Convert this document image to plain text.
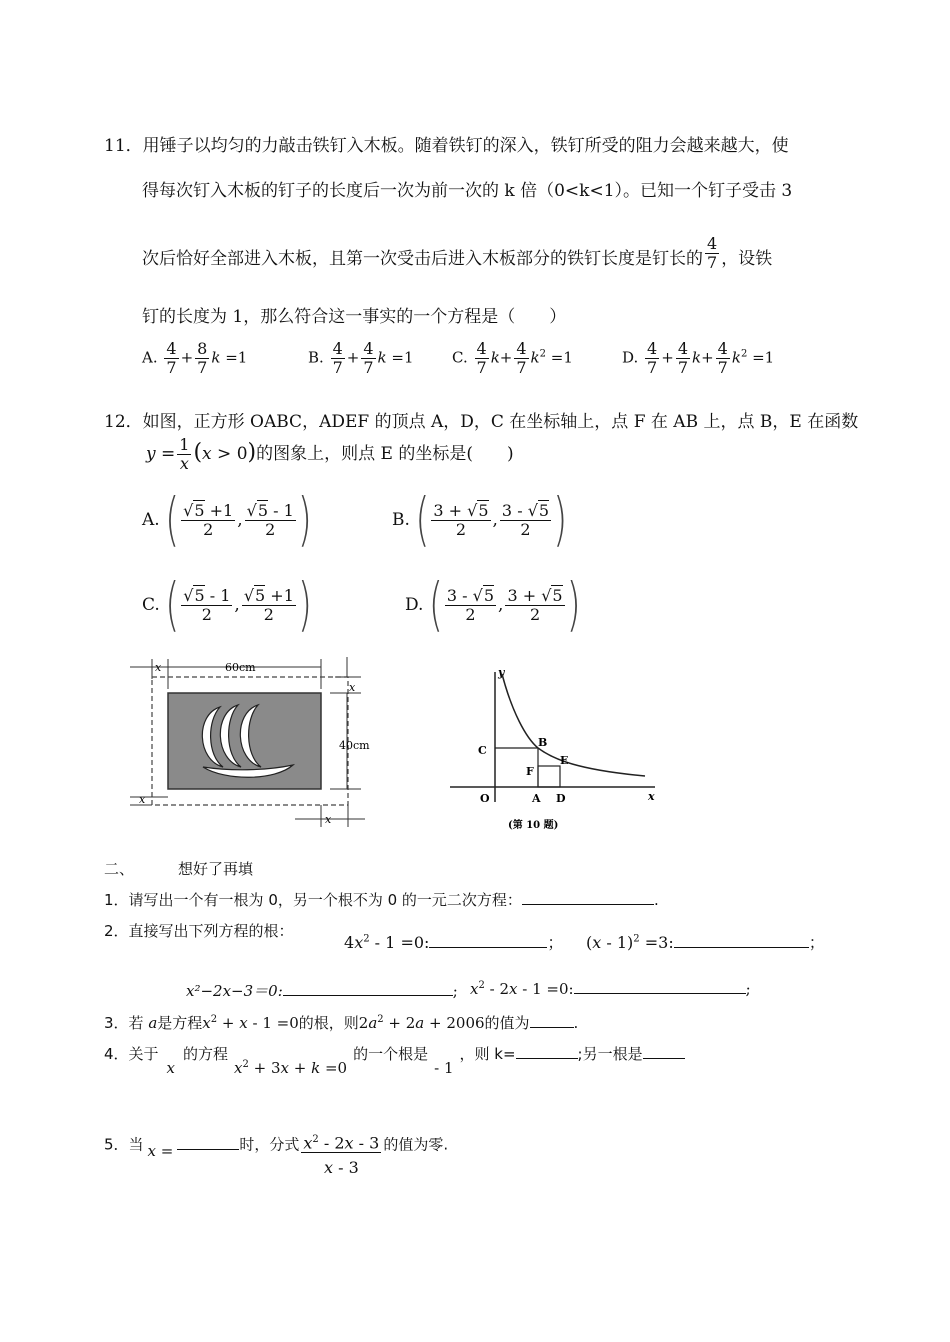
11．用锤子以均匀的力敲击铁钉入木板。随着铁钉的深入，铁钉所受的阻力会越来越大，使
得每次钉入木板的钉子的长度后一次为前一次的 k 倍（0<k<1）。已知一个钉子受击 3
次后恰好全部进入木板，且第一次受击后进入木板部分的铁钉长度是钉长的 $\frac{4}{7}$ ，设铁
钉的长度为 1，那么符合这一事实的一个方程是（　　）
A. $\frac{4}{7} + \frac{8}{7}$ k =1	B. $\frac{4}{7} + \frac{4}{7}$ k =1	C. $\frac{4}{7} k+ \frac{4}{7} k^2 =1$	D. $\frac{4}{7} + \frac{4}{7} k+ \frac{4}{7} k^2 =1$
12．如图，正方形 OABC，ADEF 的顶点 A，D，C 在坐标轴上，点 F 在 AB 上，点 B，E 在函数
$y = \frac{1}{x} (x > 0)$的图象上，则点 E 的坐标是(　　)
A. ( $\frac{√5 +1}{2}$ , $\frac{√5 - 1}{2}$ )	B. ( $\frac{3 + √5}{2}$ , $\frac{3 - √5}{2}$ )
C. ( $\frac{√5 - 1}{2}$ , $\frac{√5 +1}{2}$ )	D. ( $\frac{3 - √5}{2}$ , $\frac{3 + √5}{2}$ )
x	60cm
x
40cm
x
x
y
x
C
B
E
F
O	A D
(第 10 题)
二、	想好了再填
1．请写出一个有一根为 0，另一个根不为 0 的一元二次方程：	.
2．直接写出下列方程的根：
$4x^2 - 1 =0$:	； (x - 1)$^2$ =3:	；
x²−2x−3＝0:	; $x^2 - 2x - 1 =0$:	;
3．若 a是方程$x^2 + x - 1 =0$的根，则$2a^2 + 2a + 2006$的值为	.
4．关于x的方程$x^2 + 3x + k =0$的一个根是- 1，则 k=	;另一根是
5．当 x =	时，分式 $\frac{x^2 - 2x - 3}{x - 3}$ 的值为零.
